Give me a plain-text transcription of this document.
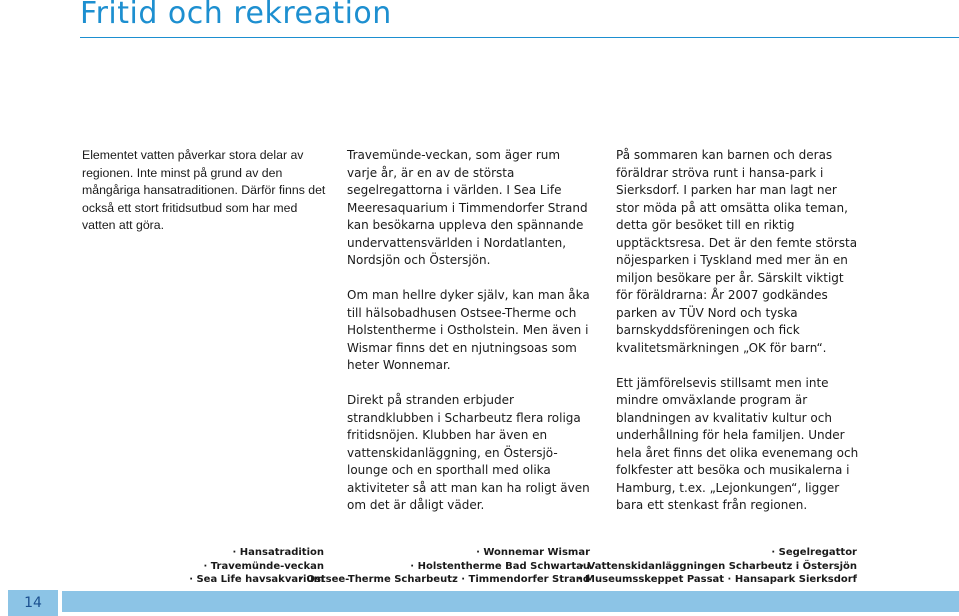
Fritid och rekreation

Elementet vatten påverkar stora delar av regionen. Inte minst på grund av den mångåriga hansatraditionen. Därför finns det också ett stort fritidsutbud som har med vatten att göra.

Travemünde-veckan, som äger rum varje år, är en av de största segelregattorna i världen. I Sea Life Meeresaquarium i Timmendorfer Strand kan besökarna uppleva den spännande undervattensvärlden i Nordatlanten, Nordsjön och Östersjön.

Om man hellre dyker själv, kan man åka till hälsobadhusen Ostsee-Therme och Holstentherme i Ostholstein. Men även i Wismar finns det en njutningsoas som heter Wonnemar.

Direkt på stranden erbjuder strandklubben i Scharbeutz flera roliga fritidsnöjen. Klubben har även en vattenskidanläggning, en Östersjö-lounge och en sporthall med olika aktiviteter så att man kan ha roligt även om det är dåligt väder.

På sommaren kan barnen och deras föräldrar ströva runt i hansa-park i Sierksdorf. I parken har man lagt ner stor möda på att omsätta olika teman, detta gör besöket till en riktig upptäcktsresa. Det är den femte största nöjesparken i Tyskland med mer än en miljon besökare per år. Särskilt viktigt för föräldrarna: År 2007 godkändes parken av TÜV Nord och tyska barnskyddsföreningen och fick kvalitetsmärkningen „OK för barn“.

Ett jämförelsevis stillsamt men inte mindre omväxlande program är blandningen av kvalitativ kultur och underhållning för hela familjen. Under hela året finns det olika evenemang och folkfester att besöka och musikalerna i Hamburg, t.ex. „Lejonkungen“, ligger bara ett stenkast från regionen.

· Hansatradition
· Travemünde-veckan
· Sea Life havsakvarium
· Wonnemar Wismar
· Holstentherme Bad Schwartau
· Ostsee-Therme Scharbeutz · Timmendorfer Strand
· Segelregattor
· Vattenskidanläggningen Scharbeutz i Östersjön
· Museumsskeppet Passat · Hansapark Sierksdorf
14
